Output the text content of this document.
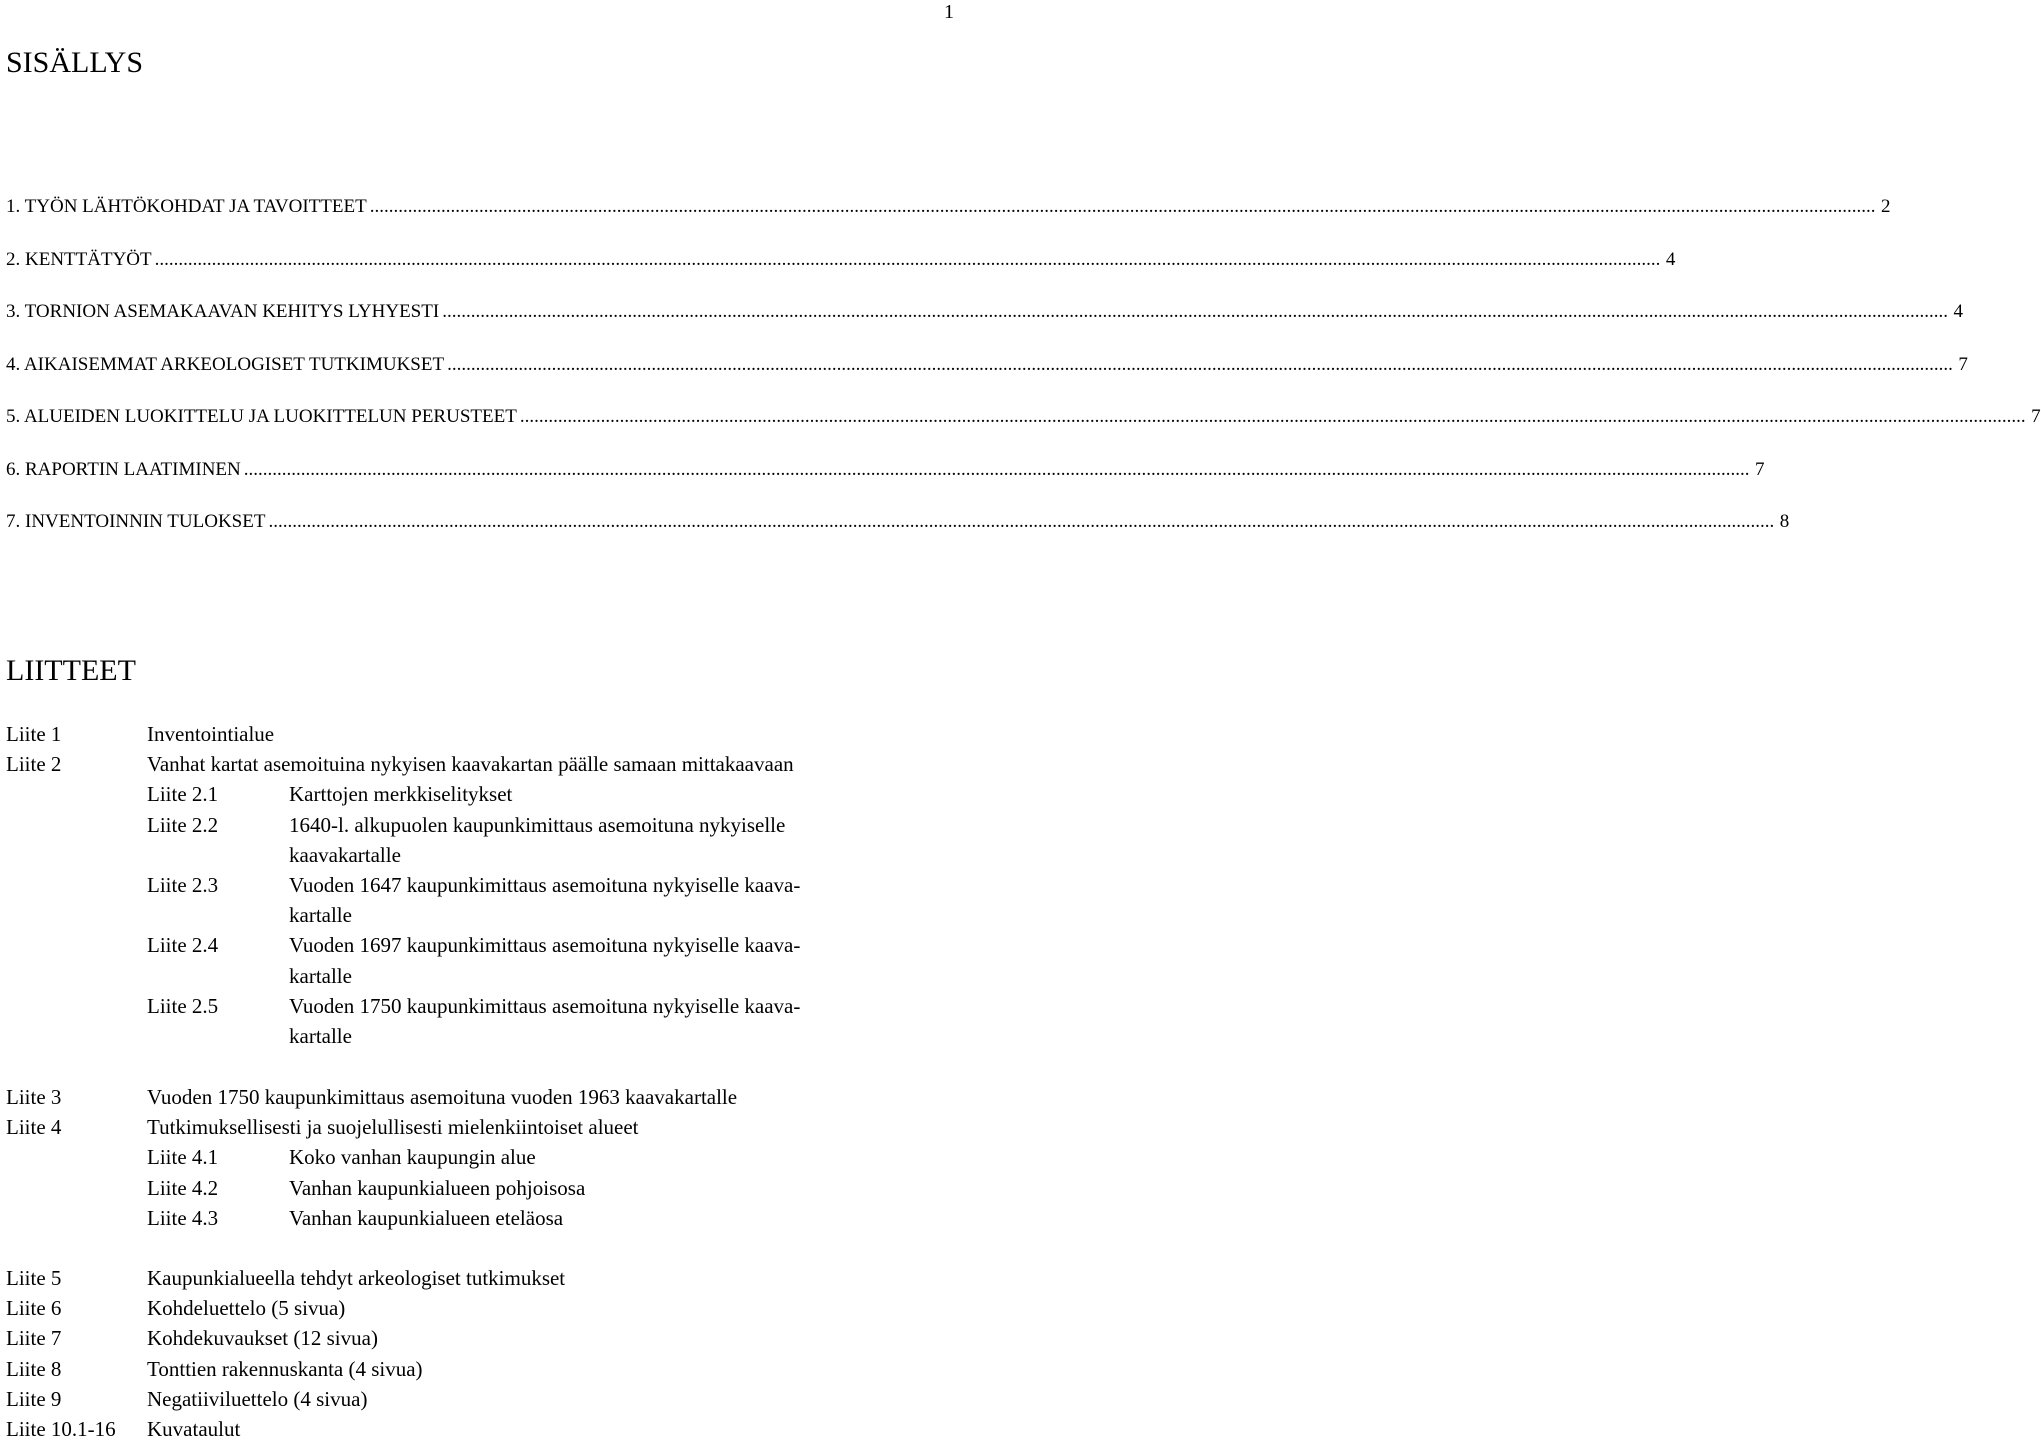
1
SISÄLLYS
1. TYÖN LÄHTÖKOHDAT JA TAVOITTEET .....	2
2. KENTTÄTYÖT .....	4
3. TORNION ASEMAKAAVAN KEHITYS LYHYESTI .....	4
4. AIKAISEMMAT ARKEOLOGISET TUTKIMUKSET .....	7
5. ALUEIDEN LUOKITTELU JA LUOKITTELUN PERUSTEET .....	7
6. RAPORTIN LAATIMINEN .....	7
7. INVENTOINNIN TULOKSET .....	8
LIITTEET
Liite 1	Inventointialue
Liite 2	Vanhat kartat asemoituina nykyisen kaavakartan päälle samaan mittakaavaan
Liite 2.1	Karttojen merkkiselitykset
Liite 2.2	1640-l. alkupuolen kaupunkimittaus asemoituna nykyiselle
kaavakartalle
Liite 2.3	Vuoden 1647 kaupunkimittaus asemoituna nykyiselle kaava-
kartalle
Liite 2.4	Vuoden 1697 kaupunkimittaus asemoituna nykyiselle kaava-
kartalle
Liite 2.5	Vuoden 1750 kaupunkimittaus asemoituna nykyiselle kaava-
kartalle
Liite 3	Vuoden 1750 kaupunkimittaus asemoituna vuoden 1963 kaavakartalle
Liite 4	Tutkimuksellisesti ja suojelullisesti mielenkiintoiset alueet
Liite 4.1	Koko vanhan kaupungin alue
Liite 4.2	Vanhan kaupunkialueen pohjoisosa
Liite 4.3	Vanhan kaupunkialueen eteläosa
Liite 5	Kaupunkialueella tehdyt arkeologiset tutkimukset
Liite 6	Kohdeluettelo (5 sivua)
Liite 7	Kohdekuvaukset (12 sivua)
Liite 8	Tonttien rakennuskanta (4 sivua)
Liite 9	Negatiiviluettelo (4 sivua)
Liite 10.1-16 Kuvataulut
